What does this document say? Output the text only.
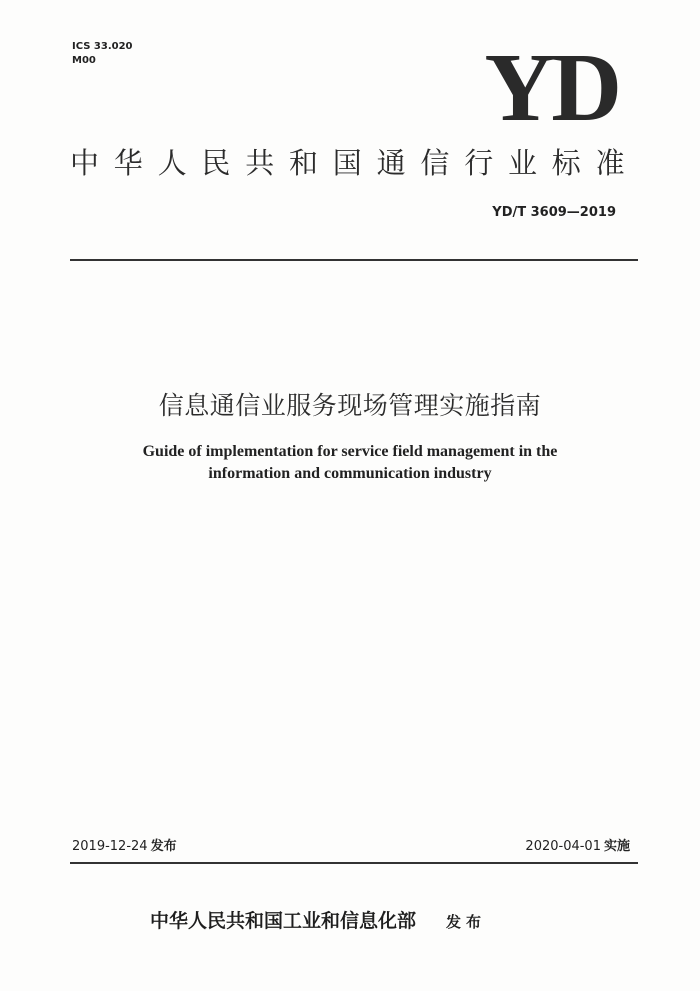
ICS 33.020
M00	YD
中华人民共和国通信行业标准
YD/T 3609—2019
信息通信业服务现场管理实施指南
Guide of implementation for service field management in the
information and communication industry
2019-12-24 发布	2020-04-01 实施
中华人民共和国工业和信息化部 发布
